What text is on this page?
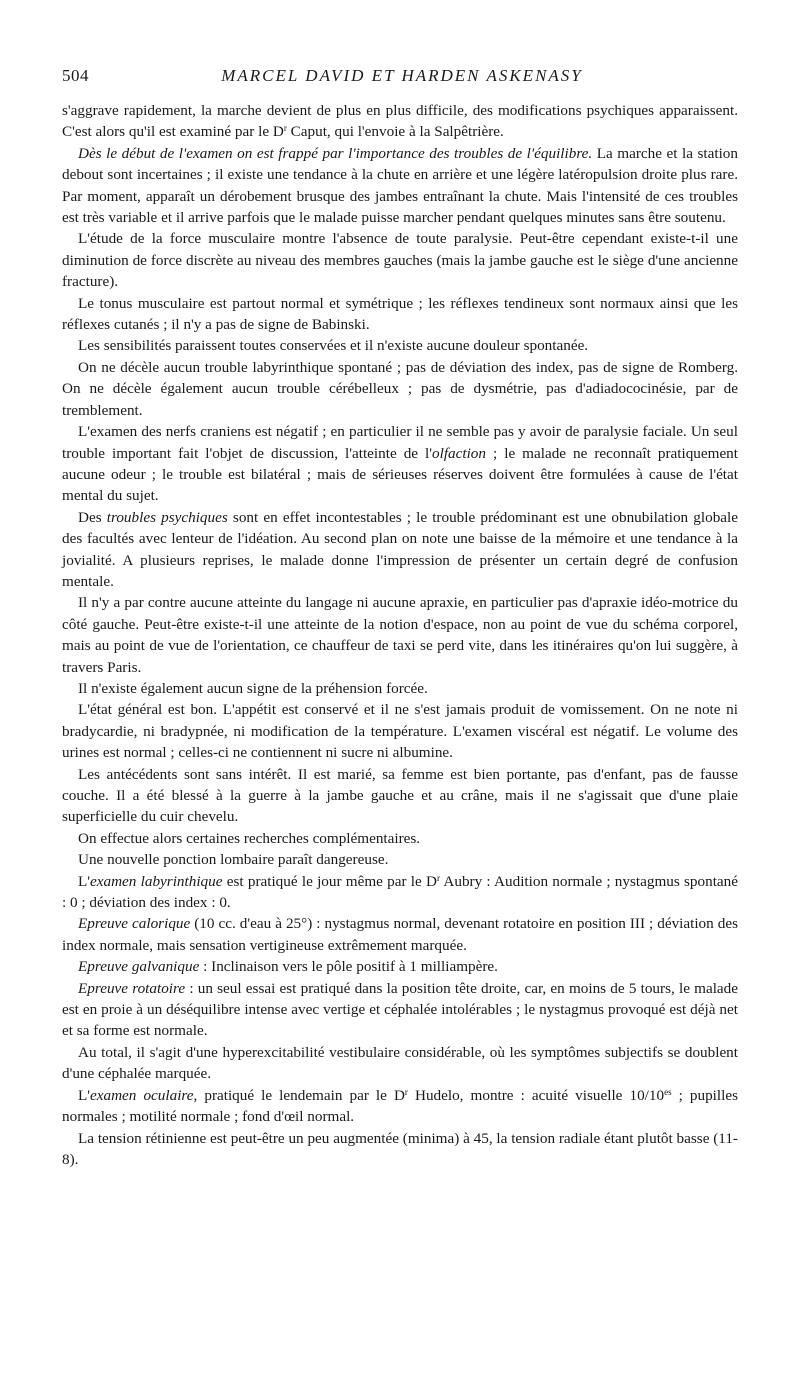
504	MARCEL DAVID ET HARDEN ASKENASY

s'aggrave rapidement, la marche devient de plus en plus difficile, des modifications psychiques apparaissent. C'est alors qu'il est examiné par le $D^r$ Caput, qui l'envoie à la Salpêtrière.

Dès le début de l'examen on est frappé par l'importance des troubles de l'équilibre. La marche et la station debout sont incertaines ; il existe une tendance à la chute en arrière et une légère latéropulsion droite plus rare. Par moment, apparaît un dérobement brusque des jambes entraînant la chute. Mais l'intensité de ces troubles est très variable et il arrive parfois que le malade puisse marcher pendant quelques minutes sans être soutenu.

L'étude de la force musculaire montre l'absence de toute paralysie. Peut-être cependant existe-t-il une diminution de force discrète au niveau des membres gauches (mais la jambe gauche est le siège d'une ancienne fracture).

Le tonus musculaire est partout normal et symétrique ; les réflexes tendineux sont normaux ainsi que les réflexes cutanés ; il n'y a pas de signe de Babinski.

Les sensibilités paraissent toutes conservées et il n'existe aucune douleur spontanée.

On ne décèle aucun trouble labyrinthique spontané ; pas de déviation des index, pas de signe de Romberg. On ne décèle également aucun trouble cérébelleux ; pas de dysmétrie, pas d'adiadococinésie, par de tremblement.

L'examen des nerfs craniens est négatif ; en particulier il ne semble pas y avoir de paralysie faciale. Un seul trouble important fait l'objet de discussion, l'atteinte de l'olfaction ; le malade ne reconnaît pratiquement aucune odeur ; le trouble est bilatéral ; mais de sérieuses réserves doivent être formulées à cause de l'état mental du sujet.

Des troubles psychiques sont en effet incontestables ; le trouble prédominant est une obnubilation globale des facultés avec lenteur de l'idéation. Au second plan on note une baisse de la mémoire et une tendance à la jovialité. A plusieurs reprises, le malade donne l'impression de présenter un certain degré de confusion mentale.

Il n'y a par contre aucune atteinte du langage ni aucune apraxie, en particulier pas d'apraxie idéo-motrice du côté gauche. Peut-être existe-t-il une atteinte de la notion d'espace, non au point de vue du schéma corporel, mais au point de vue de l'orientation, ce chauffeur de taxi se perd vite, dans les itinéraires qu'on lui suggère, à travers Paris.

Il n'existe également aucun signe de la préhension forcée.

L'état général est bon. L'appétit est conservé et il ne s'est jamais produit de vomissement. On ne note ni bradycardie, ni bradypnée, ni modification de la température. L'examen viscéral est négatif. Le volume des urines est normal ; celles-ci ne contiennent ni sucre ni albumine.

Les antécédents sont sans intérêt. Il est marié, sa femme est bien portante, pas d'enfant, pas de fausse couche. Il a été blessé à la guerre à la jambe gauche et au crâne, mais il ne s'agissait que d'une plaie superficielle du cuir chevelu.

On effectue alors certaines recherches complémentaires.

Une nouvelle ponction lombaire paraît dangereuse.

L'examen labyrinthique est pratiqué le jour même par le $D^r$ Aubry : Audition normale ; nystagmus spontané : 0 ; déviation des index : 0.

Epreuve calorique (10 cc. d'eau à 25°) : nystagmus normal, devenant rotatoire en position III ; déviation des index normale, mais sensation vertigineuse extrêmement marquée.

Epreuve galvanique : Inclinaison vers le pôle positif à 1 milliampère.

Epreuve rotatoire : un seul essai est pratiqué dans la position tête droite, car, en moins de 5 tours, le malade est en proie à un déséquilibre intense avec vertige et céphalée intolérables ; le nystagmus provoqué est déjà net et sa forme est normale.

Au total, il s'agit d'une hyperexcitabilité vestibulaire considérable, où les symptômes subjectifs se doublent d'une céphalée marquée.

L'examen oculaire, pratiqué le lendemain par le $D^r$ Hudelo, montre : acuité visuelle $10/10^{es}$ ; pupilles normales ; motilité normale ; fond d'œil normal.

La tension rétinienne est peut-être un peu augmentée (minima) à 45, la tension radiale étant plutôt basse (11-8).
